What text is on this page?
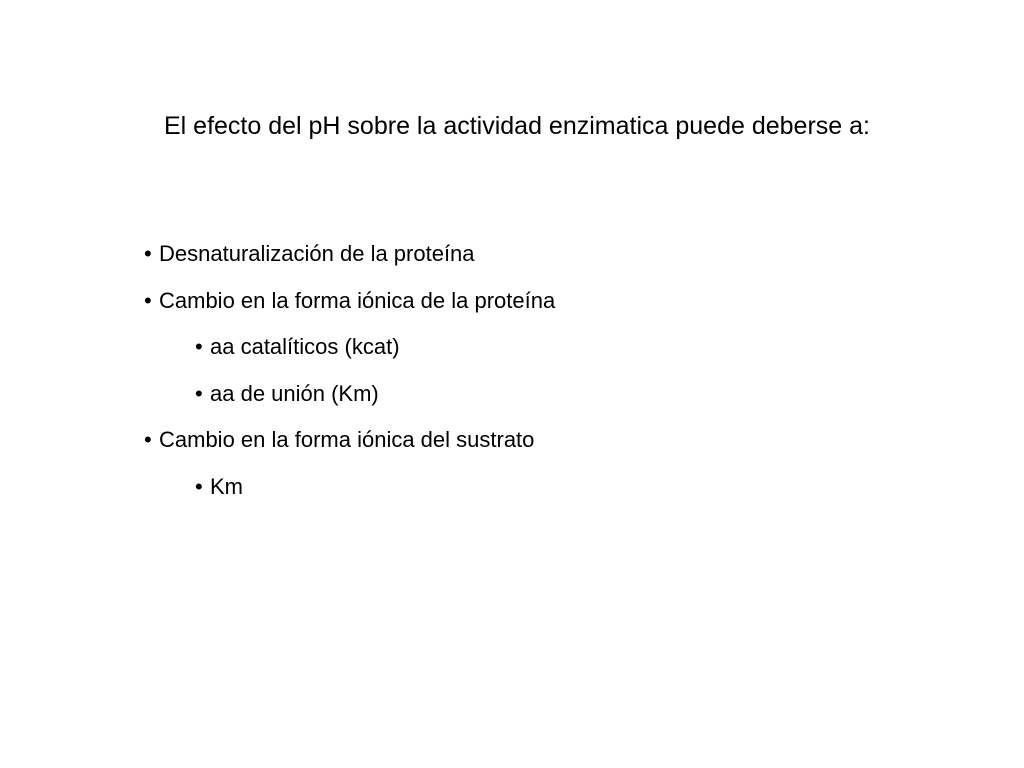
El efecto del pH sobre la actividad enzimatica puede deberse a:
• Desnaturalización de la proteína
• Cambio en la forma iónica de la proteína
• aa catalíticos (kcat)
• aa de unión (Km)
• Cambio en la forma iónica del sustrato
• Km
